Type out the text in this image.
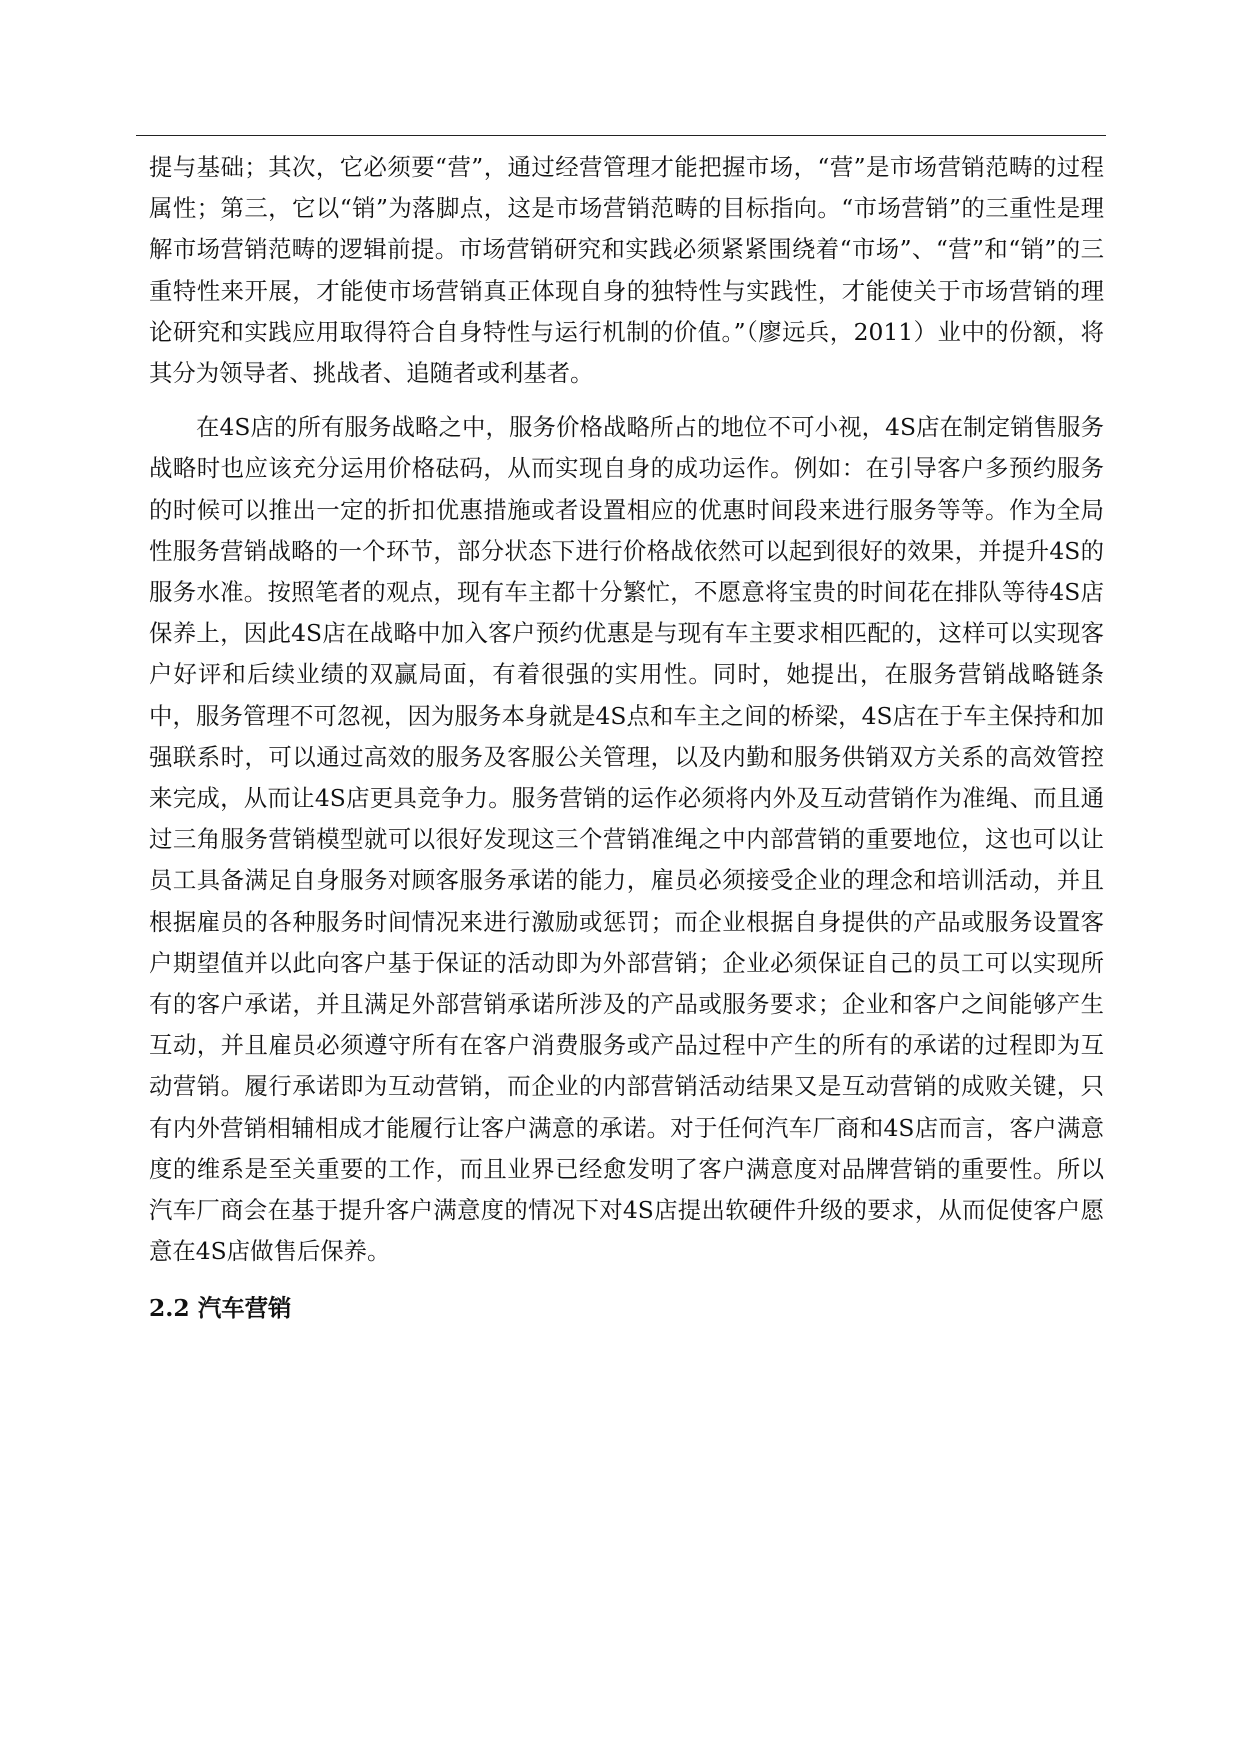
提与基础；其次，它必须要“营”，通过经营管理才能把握市场，“营”是市场营销范畴的过程属性；第三，它以“销”为落脚点，这是市场营销范畴的目标指向。“市场营销”的三重性是理解市场营销范畴的逻辑前提。市场营销研究和实践必须紧紧围绕着“市场”、“营”和“销”的三重特性来开展，才能使市场营销真正体现自身的独特性与实践性，才能使关于市场营销的理论研究和实践应用取得符合自身特性与运行机制的价值。”（廖远兵，2011）业中的份额，将其分为领导者、挑战者、追随者或利基者。

在4S店的所有服务战略之中，服务价格战略所占的地位不可小视，4S店在制定销售服务战略时也应该充分运用价格砝码，从而实现自身的成功运作。例如：在引导客户多预约服务的时候可以推出一定的折扣优惠措施或者设置相应的优惠时间段来进行服务等等。作为全局性服务营销战略的一个环节，部分状态下进行价格战依然可以起到很好的效果，并提升4S的服务水准。按照笔者的观点，现有车主都十分繁忙，不愿意将宝贵的时间花在排队等待4S店保养上，因此4S店在战略中加入客户预约优惠是与现有车主要求相匹配的，这样可以实现客户好评和后续业绩的双赢局面，有着很强的实用性。同时，她提出，在服务营销战略链条中，服务管理不可忽视，因为服务本身就是4S点和车主之间的桥梁，4S店在于车主保持和加强联系时，可以通过高效的服务及客服公关管理，以及内勤和服务供销双方关系的高效管控来完成，从而让4S店更具竞争力。服务营销的运作必须将内外及互动营销作为准绳、而且通过三角服务营销模型就可以很好发现这三个营销准绳之中内部营销的重要地位，这也可以让员工具备满足自身服务对顾客服务承诺的能力，雇员必须接受企业的理念和培训活动，并且根据雇员的各种服务时间情况来进行激励或惩罚；而企业根据自身提供的产品或服务设置客户期望值并以此向客户基于保证的活动即为外部营销；企业必须保证自己的员工可以实现所有的客户承诺，并且满足外部营销承诺所涉及的产品或服务要求；企业和客户之间能够产生互动，并且雇员必须遵守所有在客户消费服务或产品过程中产生的所有的承诺的过程即为互动营销。履行承诺即为互动营销，而企业的内部营销活动结果又是互动营销的成败关键，只有内外营销相辅相成才能履行让客户满意的承诺。对于任何汽车厂商和4S店而言，客户满意度的维系是至关重要的工作，而且业界已经愈发明了客户满意度对品牌营销的重要性。所以汽车厂商会在基于提升客户满意度的情况下对4S店提出软硬件升级的要求，从而促使客户愿意在4S店做售后保养。

2.2 汽车营销
